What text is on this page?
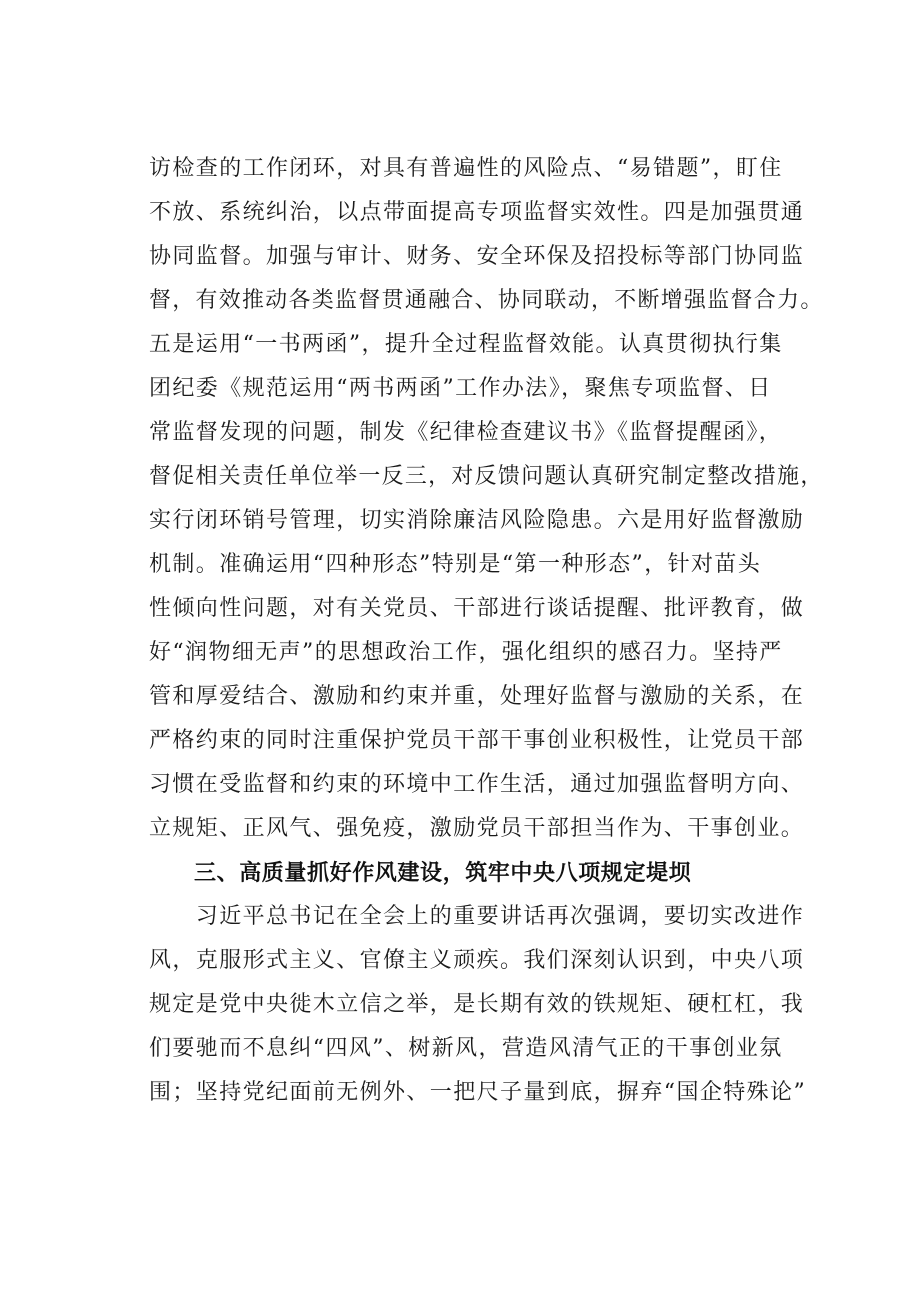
访检查的工作闭环，对具有普遍性的风险点、“易错题”，盯住
不放、系统纠治，以点带面提高专项监督实效性。四是加强贯通
协同监督。加强与审计、财务、安全环保及招投标等部门协同监
督，有效推动各类监督贯通融合、协同联动，不断增强监督合力。
五是运用“一书两函”，提升全过程监督效能。认真贯彻执行集
团纪委《规范运用“两书两函”工作办法》，聚焦专项监督、日
常监督发现的问题，制发《纪律检查建议书》《监督提醒函》，
督促相关责任单位举一反三，对反馈问题认真研究制定整改措施，
实行闭环销号管理，切实消除廉洁风险隐患。六是用好监督激励
机制。准确运用“四种形态”特别是“第一种形态”，针对苗头
性倾向性问题，对有关党员、干部进行谈话提醒、批评教育，做
好“润物细无声”的思想政治工作，强化组织的感召力。坚持严
管和厚爱结合、激励和约束并重，处理好监督与激励的关系，在
严格约束的同时注重保护党员干部干事创业积极性，让党员干部
习惯在受监督和约束的环境中工作生活，通过加强监督明方向、
立规矩、正风气、强免疫，激励党员干部担当作为、干事创业。
三、高质量抓好作风建设，筑牢中央八项规定堤坝
　　习近平总书记在全会上的重要讲话再次强调，要切实改进作
风，克服形式主义、官僚主义顽疾。我们深刻认识到，中央八项
规定是党中央徙木立信之举，是长期有效的铁规矩、硬杠杠，我
们要驰而不息纠“四风”、树新风，营造风清气正的干事创业氛
围；坚持党纪面前无例外、一把尺子量到底，摒弃“国企特殊论”
